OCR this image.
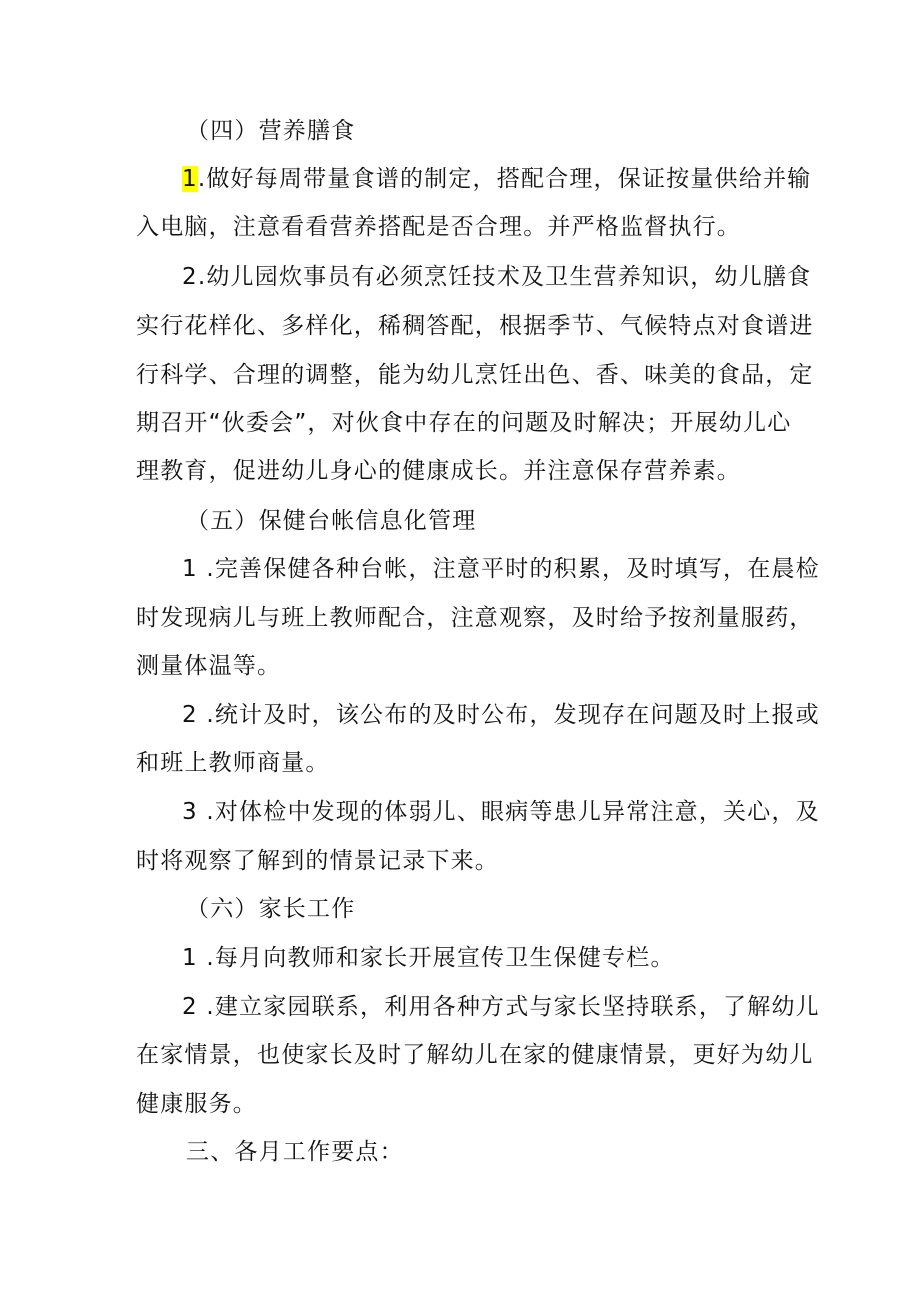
（四）营养膳食
1.做好每周带量食谱的制定，搭配合理，保证按量供给并输
入电脑，注意看看营养搭配是否合理。并严格监督执行。
2.幼儿园炊事员有必须烹饪技术及卫生营养知识，幼儿膳食
实行花样化、多样化，稀稠答配，根据季节、气候特点对食谱进
行科学、合理的调整，能为幼儿烹饪出色、香、味美的食品，定
期召开“伙委会”，对伙食中存在的问题及时解决；开展幼儿心
理教育，促进幼儿身心的健康成长。并注意保存营养素。
（五）保健台帐信息化管理
1 .完善保健各种台帐，注意平时的积累，及时填写，在晨检
时发现病儿与班上教师配合，注意观察，及时给予按剂量服药，
测量体温等。
2 .统计及时，该公布的及时公布，发现存在问题及时上报或
和班上教师商量。
3 .对体检中发现的体弱儿、眼病等患儿异常注意，关心，及
时将观察了解到的情景记录下来。
（六）家长工作
1 .每月向教师和家长开展宣传卫生保健专栏。
2 .建立家园联系，利用各种方式与家长坚持联系，了解幼儿
在家情景，也使家长及时了解幼儿在家的健康情景，更好为幼儿
健康服务。
三、各月工作要点：
